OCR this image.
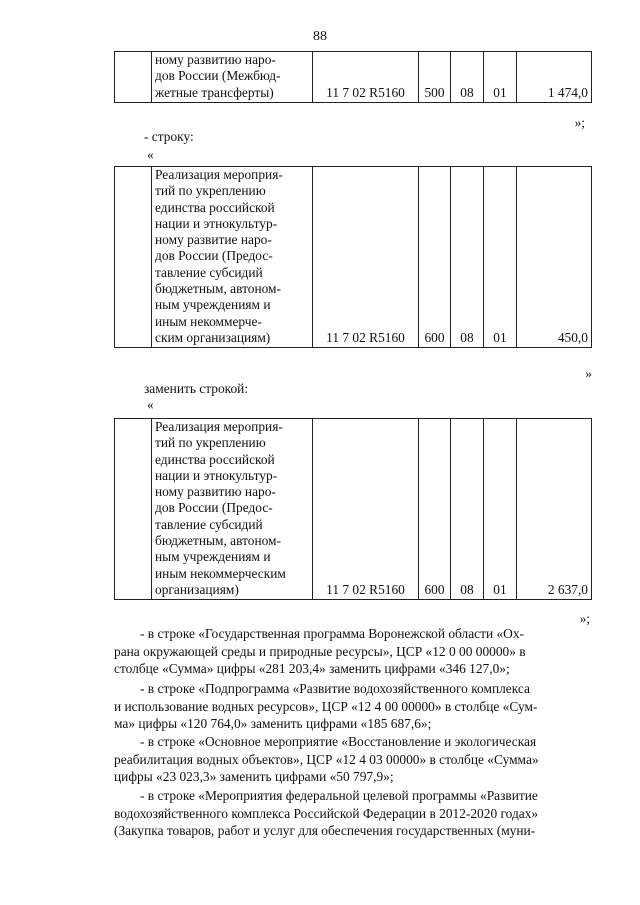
88

ному развитию наро-
дов России (Межбюд-
жетные трансферты)	11 7 02 R5160	500	08	01	1 474,0
»;
- строку:
«

Реализация мероприя-
тий по укреплению
единства российской
нации и этнокультур-
ному развитие наро-
дов России (Предос-
тавление субсидий
бюджетным, автоном-
ным учреждениям и
иным некоммерче-
ским организациям)	11 7 02 R5160	600	08	01	450,0
»
заменить строкой:
«

Реализация мероприя-
тий по укреплению
единства российской
нации и этнокультур-
ному развитию наро-
дов России (Предос-
тавление субсидий
бюджетным, автоном-
ным учреждениям и
иным некоммерческим
организациям)	11 7 02 R5160	600	08	01	2 637,0
»;
- в строке «Государственная программа Воронежской области «Ох-
рана окружающей среды и природные ресурсы», ЦСР «12 0 00 00000» в
столбце «Сумма» цифры «281 203,4» заменить цифрами «346 127,0»;
- в строке «Подпрограмма «Развитие водохозяйственного комплекса
и использование водных ресурсов», ЦСР «12 4 00 00000» в столбце «Сум-
ма» цифры «120 764,0» заменить цифрами «185 687,6»;
- в строке «Основное мероприятие «Восстановление и экологическая
реабилитация водных объектов», ЦСР «12 4 03 00000» в столбце «Сумма»
цифры «23 023,3» заменить цифрами «50 797,9»;
- в строке «Мероприятия федеральной целевой программы «Развитие
водохозяйственного комплекса Российской Федерации в 2012-2020 годах»
(Закупка товаров, работ и услуг для обеспечения государственных (муни-
